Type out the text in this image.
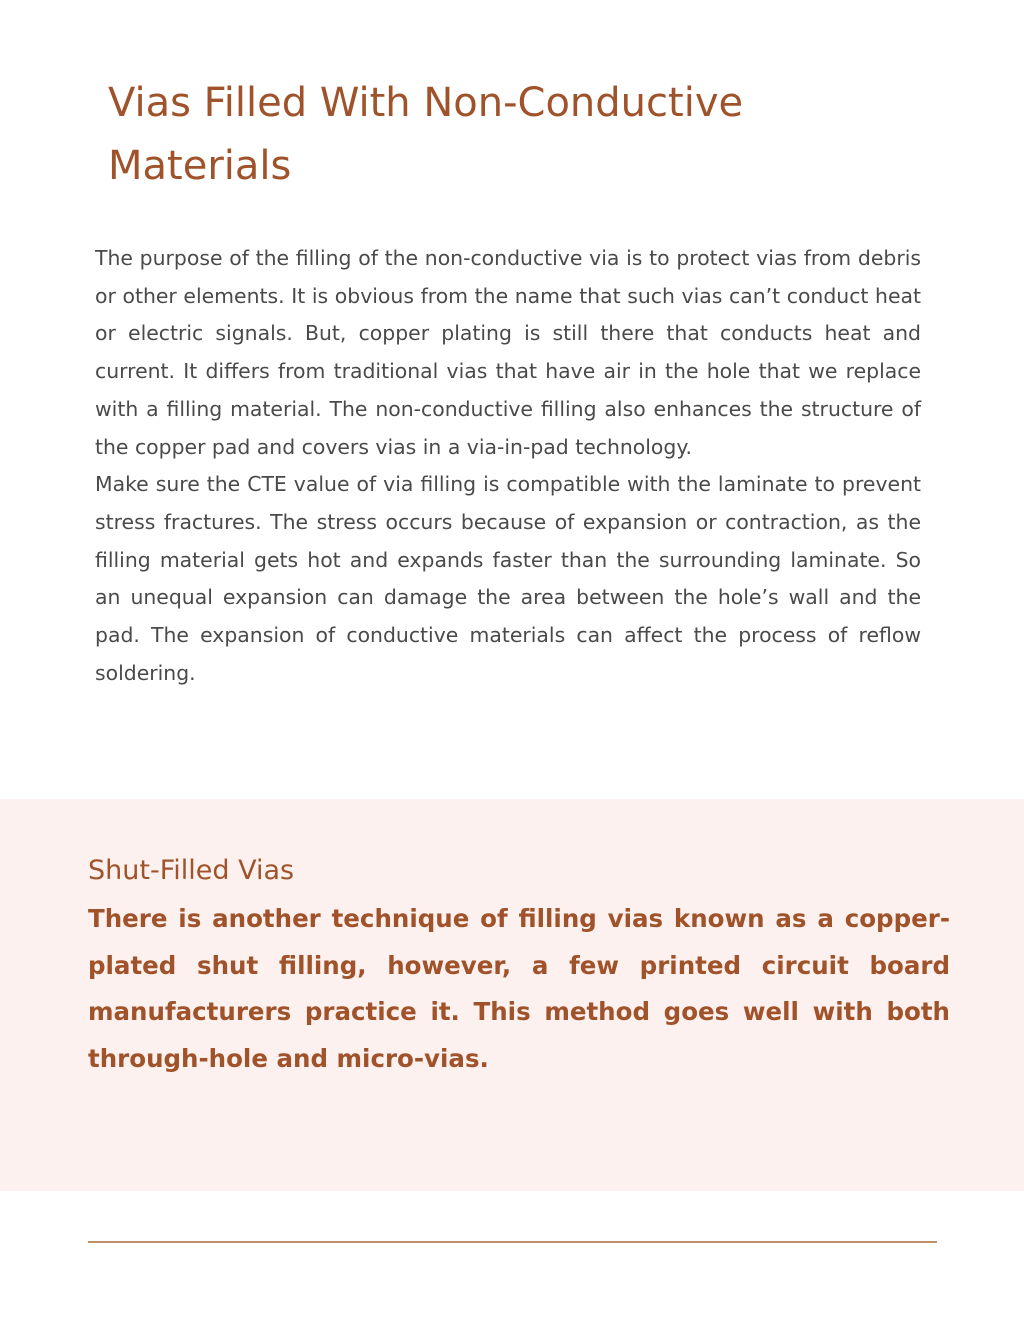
Vias Filled With Non-Conductive Materials

The purpose of the filling of the non-conductive via is to protect vias from debris or other elements. It is obvious from the name that such vias can’t conduct heat or electric signals. But, copper plating is still there that conducts heat and current. It differs from traditional vias that have air in the hole that we replace with a filling material. The non-conductive filling also enhances the structure of the copper pad and covers vias in a via-in-pad technology.

Make sure the CTE value of via filling is compatible with the laminate to prevent stress fractures. The stress occurs because of expansion or contraction, as the filling material gets hot and expands faster than the surrounding laminate. So an unequal expansion can damage the area between the hole’s wall and the pad. The expansion of conductive materials can affect the process of reflow soldering.

Shut-Filled Vias

There is another technique of filling vias known as a copper-plated shut filling, however, a few printed circuit board manufacturers practice it. This method goes well with both through-hole and micro-vias.
